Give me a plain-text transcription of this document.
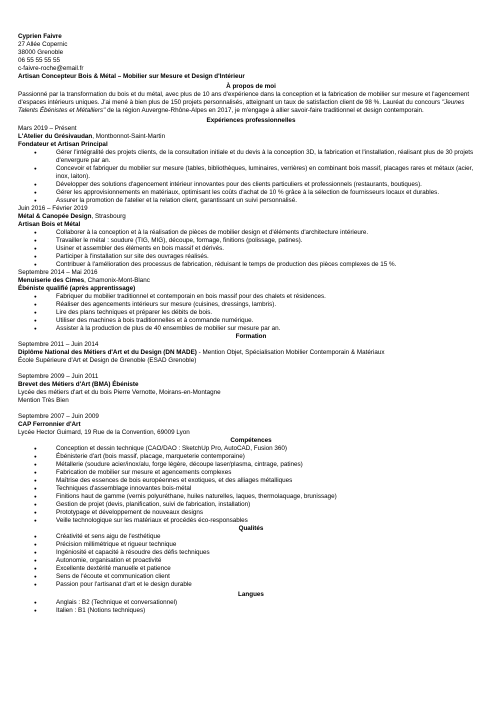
Cyprien Faivre
27 Allée Copernic
38000 Grenoble
06 55 55 55 55
c-faivre-roche@email.fr
Artisan Concepteur Bois & Métal – Mobilier sur Mesure et Design d'Intérieur
À propos de moi
Passionné par la transformation du bois et du métal, avec plus de 10 ans d'expérience dans la conception et la fabrication de mobilier sur mesure et l'agencement d'espaces intérieurs uniques. J'ai mené à bien plus de 150 projets personnalisés, atteignant un taux de satisfaction client de 98 %. Lauréat du concours "Jeunes Talents Ébénistes et Métalliers" de la région Auvergne-Rhône-Alpes en 2017, je m'engage à allier savoir-faire traditionnel et design contemporain.
Expériences professionnelles
Mars 2019 – Présent
L'Atelier du Grésivaudan, Montbonnot-Saint-Martin
Fondateur et Artisan Principal
● Gérer l'intégralité des projets clients, de la consultation initiale et du devis à la conception 3D, la fabrication et l'installation, réalisant plus de 30 projets d'envergure par an.
● Concevoir et fabriquer du mobilier sur mesure (tables, bibliothèques, luminaires, verrières) en combinant bois massif, placages rares et métaux (acier, inox, laiton).
● Développer des solutions d'agencement intérieur innovantes pour des clients particuliers et professionnels (restaurants, boutiques).
● Gérer les approvisionnements en matériaux, optimisant les coûts d'achat de 10 % grâce à la sélection de fournisseurs locaux et durables.
● Assurer la promotion de l'atelier et la relation client, garantissant un suivi personnalisé.
Juin 2016 – Février 2019
Métal & Canopée Design, Strasbourg
Artisan Bois et Métal
● Collaborer à la conception et à la réalisation de pièces de mobilier design et d'éléments d'architecture intérieure.
● Travailler le métal : soudure (TIG, MIG), découpe, formage, finitions (polissage, patines).
● Usiner et assembler des éléments en bois massif et dérivés.
● Participer à l'installation sur site des ouvrages réalisés.
● Contribuer à l'amélioration des processus de fabrication, réduisant le temps de production des pièces complexes de 15 %.
Septembre 2014 – Mai 2016
Menuiserie des Cimes, Chamonix-Mont-Blanc
Ébéniste qualifié (après apprentissage)
● Fabriquer du mobilier traditionnel et contemporain en bois massif pour des chalets et résidences.
● Réaliser des agencements intérieurs sur mesure (cuisines, dressings, lambris).
● Lire des plans techniques et préparer les débits de bois.
● Utiliser des machines à bois traditionnelles et à commande numérique.
● Assister à la production de plus de 40 ensembles de mobilier sur mesure par an.
Formation
Septembre 2011 – Juin 2014
Diplôme National des Métiers d'Art et du Design (DN MADE) - Mention Objet, Spécialisation Mobilier Contemporain & Matériaux
École Supérieure d'Art et Design de Grenoble (ESAD Grenoble)
Septembre 2009 – Juin 2011
Brevet des Métiers d'Art (BMA) Ébéniste
Lycée des métiers d'art et du bois Pierre Vernotte, Moirans-en-Montagne
Mention Très Bien
Septembre 2007 – Juin 2009
CAP Ferronnier d'Art
Lycée Hector Guimard, 19 Rue de la Convention, 69009 Lyon
Compétences
● Conception et dessin technique (CAO/DAO : SketchUp Pro, AutoCAD, Fusion 360)
● Ébénisterie d'art (bois massif, placage, marqueterie contemporaine)
● Métallerie (soudure acier/inox/alu, forge légère, découpe laser/plasma, cintrage, patines)
● Fabrication de mobilier sur mesure et agencements complexes
● Maîtrise des essences de bois européennes et exotiques, et des alliages métalliques
● Techniques d'assemblage innovantes bois-métal
● Finitions haut de gamme (vernis polyuréthane, huiles naturelles, laques, thermolaquage, brunissage)
● Gestion de projet (devis, planification, suivi de fabrication, installation)
● Prototypage et développement de nouveaux designs
● Veille technologique sur les matériaux et procédés éco-responsables
Qualités
● Créativité et sens aigu de l'esthétique
● Précision millimétrique et rigueur technique
● Ingéniosité et capacité à résoudre des défis techniques
● Autonomie, organisation et proactivité
● Excellente dextérité manuelle et patience
● Sens de l'écoute et communication client
● Passion pour l'artisanat d'art et le design durable
Langues
● Anglais : B2 (Technique et conversationnel)
● Italien : B1 (Notions techniques)
